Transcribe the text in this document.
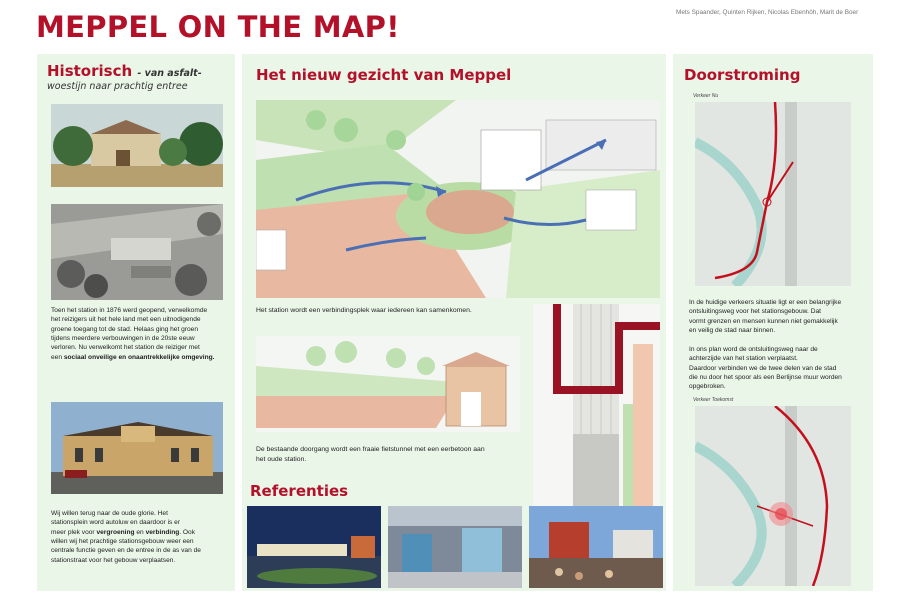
MEPPEL ON THE MAP!	Mets Spaander, Quinten Rijken, Nicolas Ebenhöh, Marit de Boer
Historisch - van asfalt-
woestijn naar prachtig entree
Toen het station in 1876 werd geopend, verwelkomde
het reizigers uit het hele land met een uitnodigende
groene toegang tot de stad. Helaas ging het groen
tijdens meerdere verbouwingen in de 20ste eeuw
verloren. Nu verwelkomt het station de reiziger met
een sociaal onveilige en onaantrekkelijke omgeving.
Wij willen terug naar de oude glorie. Het
stationsplein word autoluw en daardoor is er
meer plek voor vergroening en verbinding. Ook
willen wij het prachtige stationsgebouw weer een
centrale functie geven en de entree in de as van de
stationstraat voor het gebouw verplaatsen.
Het nieuw gezicht van Meppel
Het station wordt een verbindingsplek waar iedereen kan samenkomen.
De bestaande doorgang wordt een fraaie fietstunnel met een eerbetoon aan
het oude station.
Referenties
Doorstroming
Verkeer Nu
In de huidige verkeers situatie ligt er een belangrijke
ontsluitingsweg voor het stationsgebouw. Dat
vormt grenzen en mensen kunnen niet gemakkelijk
en veilig de stad naar binnen.
In ons plan word de ontsluitingsweg naar de
achterzijde van het station verplaatst.
Daardoor verbinden we de twee delen van de stad
die nu door het spoor als een Berlijnse muur worden
opgebroken.
Verkeer Toekomst
